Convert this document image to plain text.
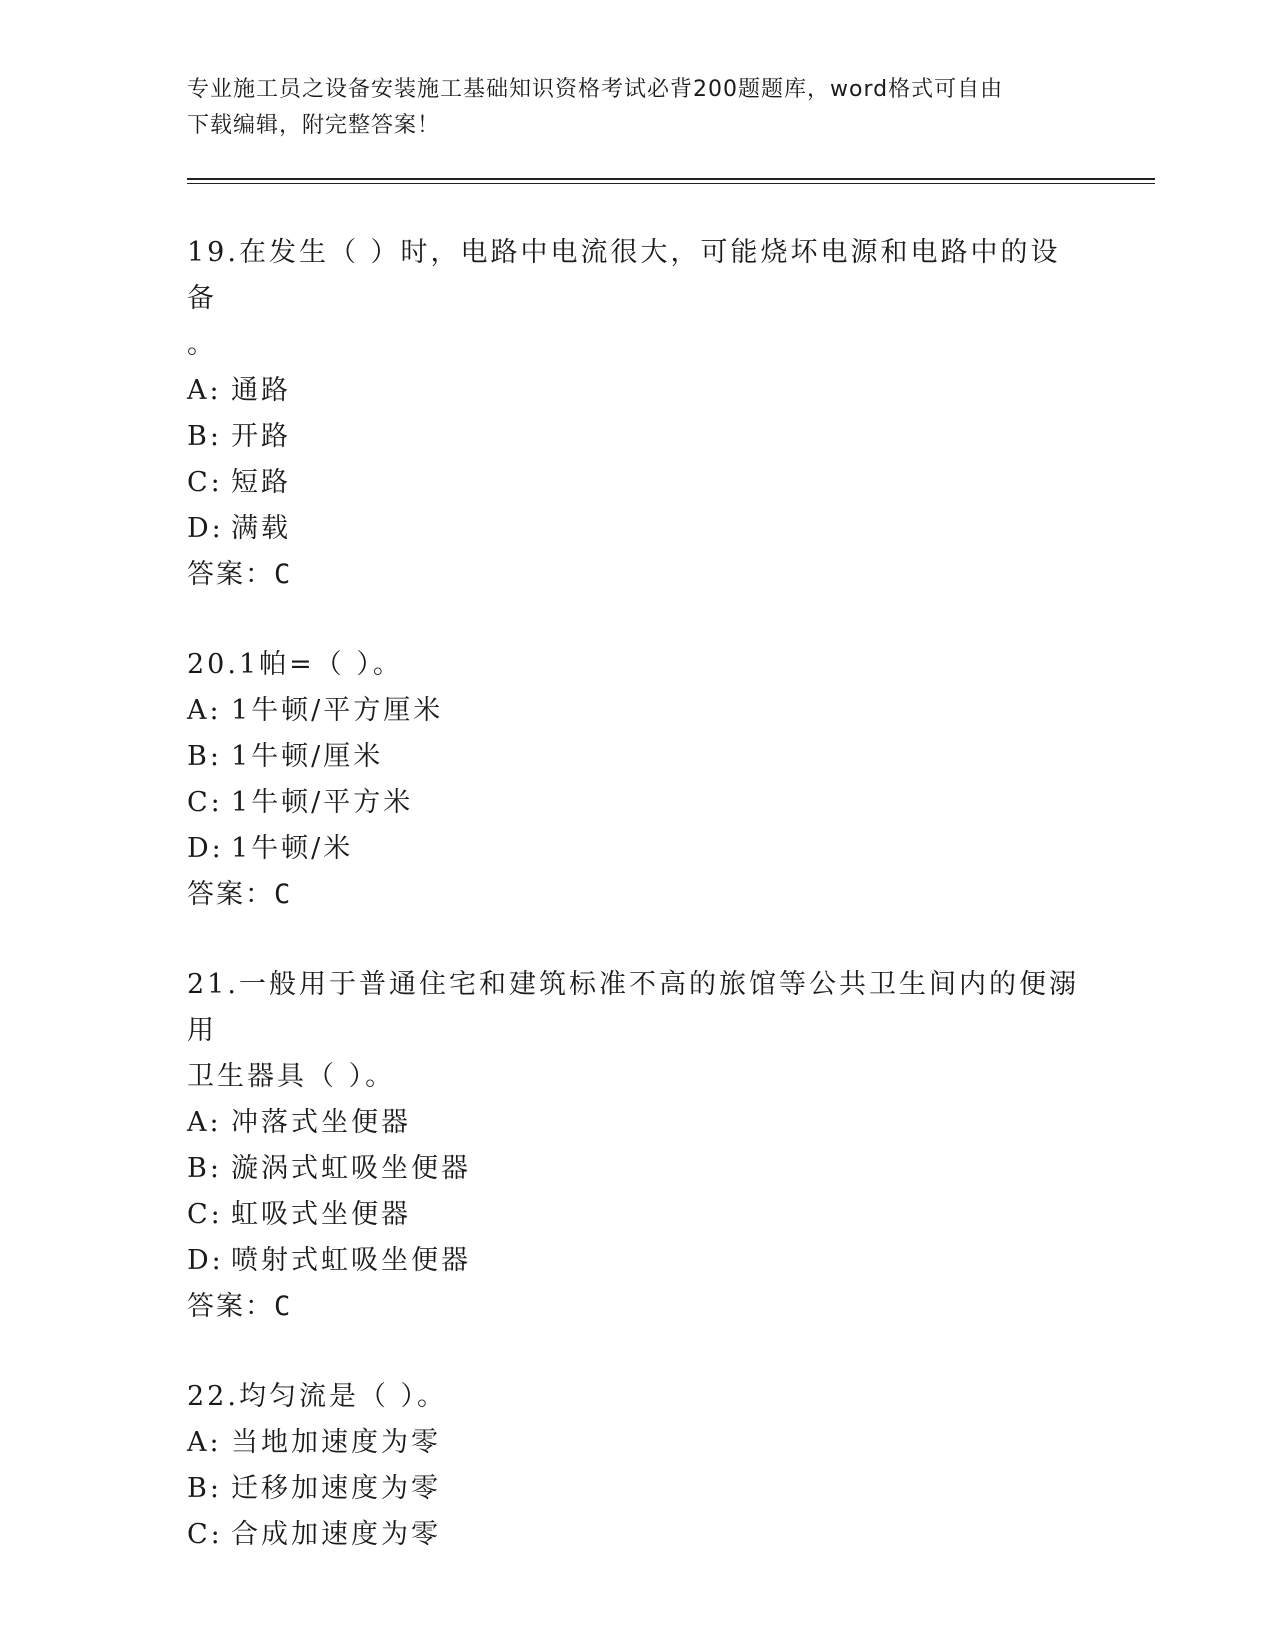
专业施工员之设备安装施工基础知识资格考试必背200题题库，word格式可自由
下载编辑，附完整答案！
19.在发生（ ）时，电路中电流很大，可能烧坏电源和电路中的设备
。
A: 通路
B: 开路
C: 短路
D: 满载
答案：C
20.1帕=（ ）。
A: 1牛顿/平方厘米
B: 1牛顿/厘米
C: 1牛顿/平方米
D: 1牛顿/米
答案：C
21.一般用于普通住宅和建筑标准不高的旅馆等公共卫生间内的便溺用
卫生器具（ ）。
A: 冲落式坐便器
B: 漩涡式虹吸坐便器
C: 虹吸式坐便器
D: 喷射式虹吸坐便器
答案：C
22.均匀流是（ ）。
A: 当地加速度为零
B: 迁移加速度为零
C: 合成加速度为零
